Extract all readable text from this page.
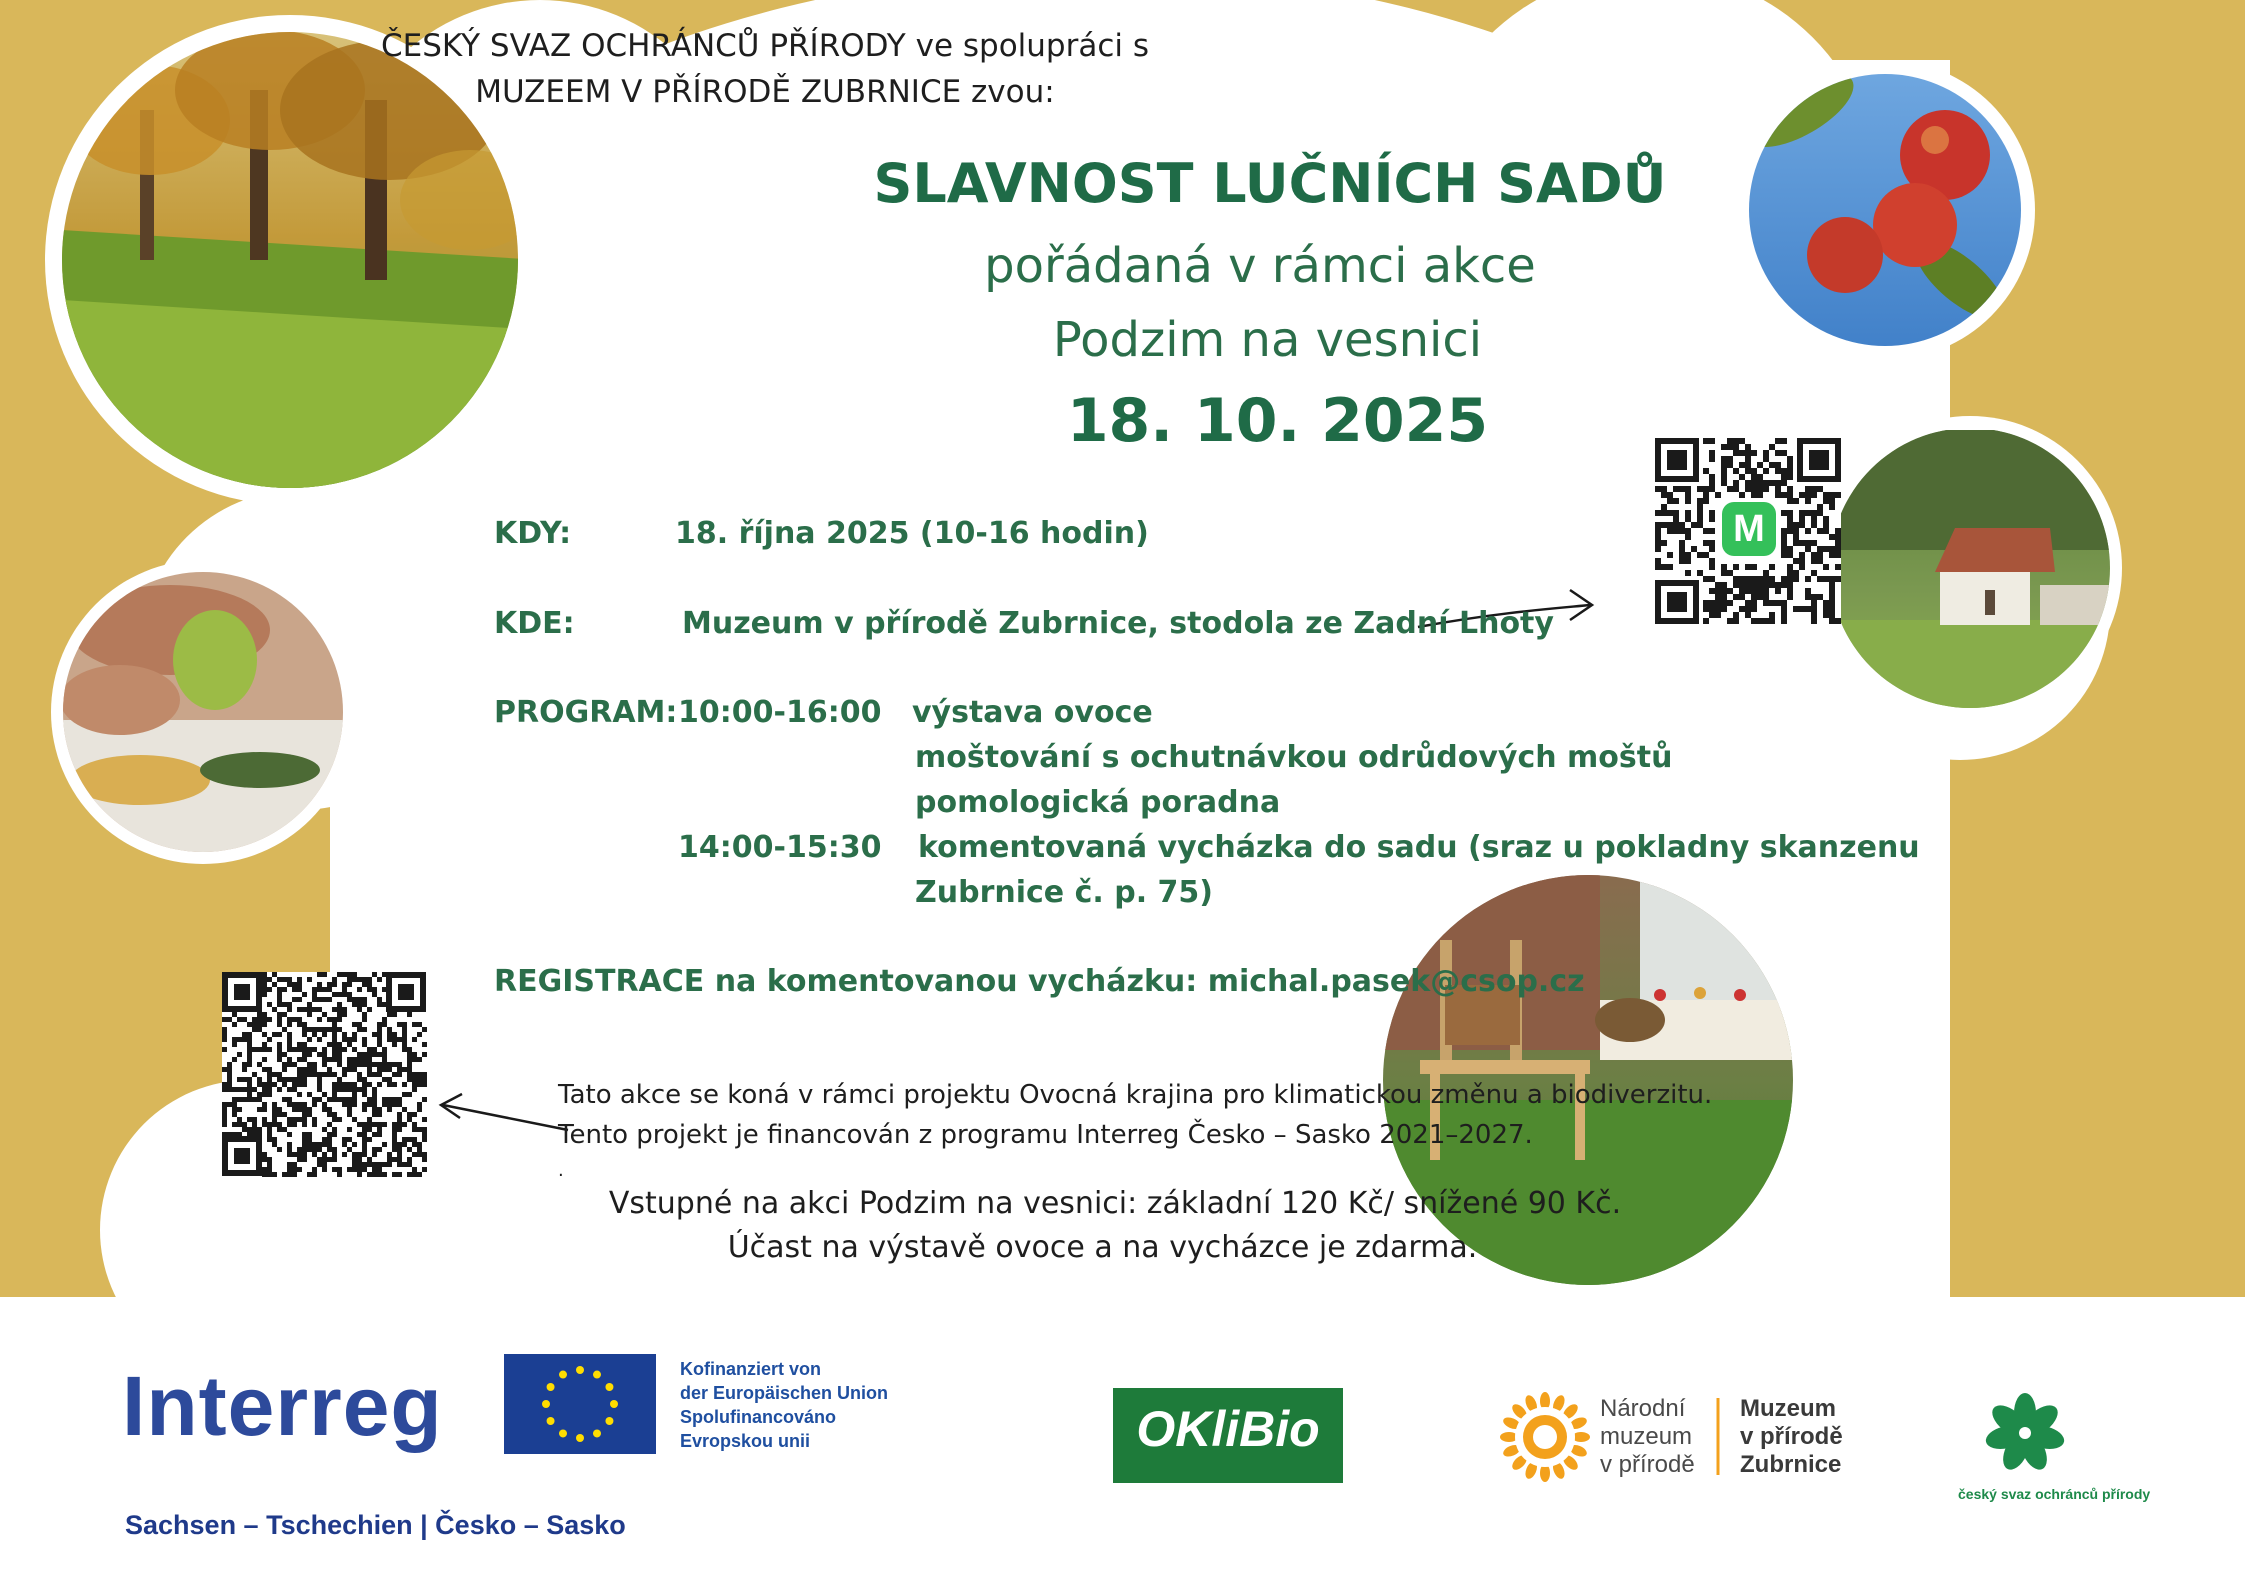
ČESKÝ SVAZ OCHRÁNCŮ PŘÍRODY ve spolupráci s
MUZEEM V PŘÍRODĚ ZUBRNICE zvou:
SLAVNOST LUČNÍCH SADŮ
pořádaná v rámci akce
Podzim na vesnici
18. 10. 2025
M
KDY:	18. října 2025 (10-16 hodin)
KDE:	Muzeum v přírodě Zubrnice, stodola ze Zadní Lhoty
PROGRAM: 10:00-16:00 výstava ovoce
moštování s ochutnávkou odrůdových moštů
pomologická poradna
14:00-15:30 komentovaná vycházka do sadu (sraz u pokladny skanzenu
Zubrnice č. p. 75)
REGISTRACE na komentovanou vycházku: michal.pasek@csop.cz
Tato akce se koná v rámci projektu Ovocná krajina pro klimatickou změnu a biodiverzitu.
Tento projekt je financován z programu Interreg Česko – Sasko 2021–2027.
.
Vstupné na akci Podzim na vesnici: základní 120 Kč/ snížené 90 Kč.
Účast na výstavě ovoce a na vycházce je zdarma.
Interreg
Sachsen – Tschechien | Česko – Sasko
Kofinanziert von
der Europäischen Union
Spolufinancováno
Evropskou unii	OKliBio	Národní
muzeum
v přírodě
Muzeum
v přírodě
Zubrnice
český svaz ochránců přírody
